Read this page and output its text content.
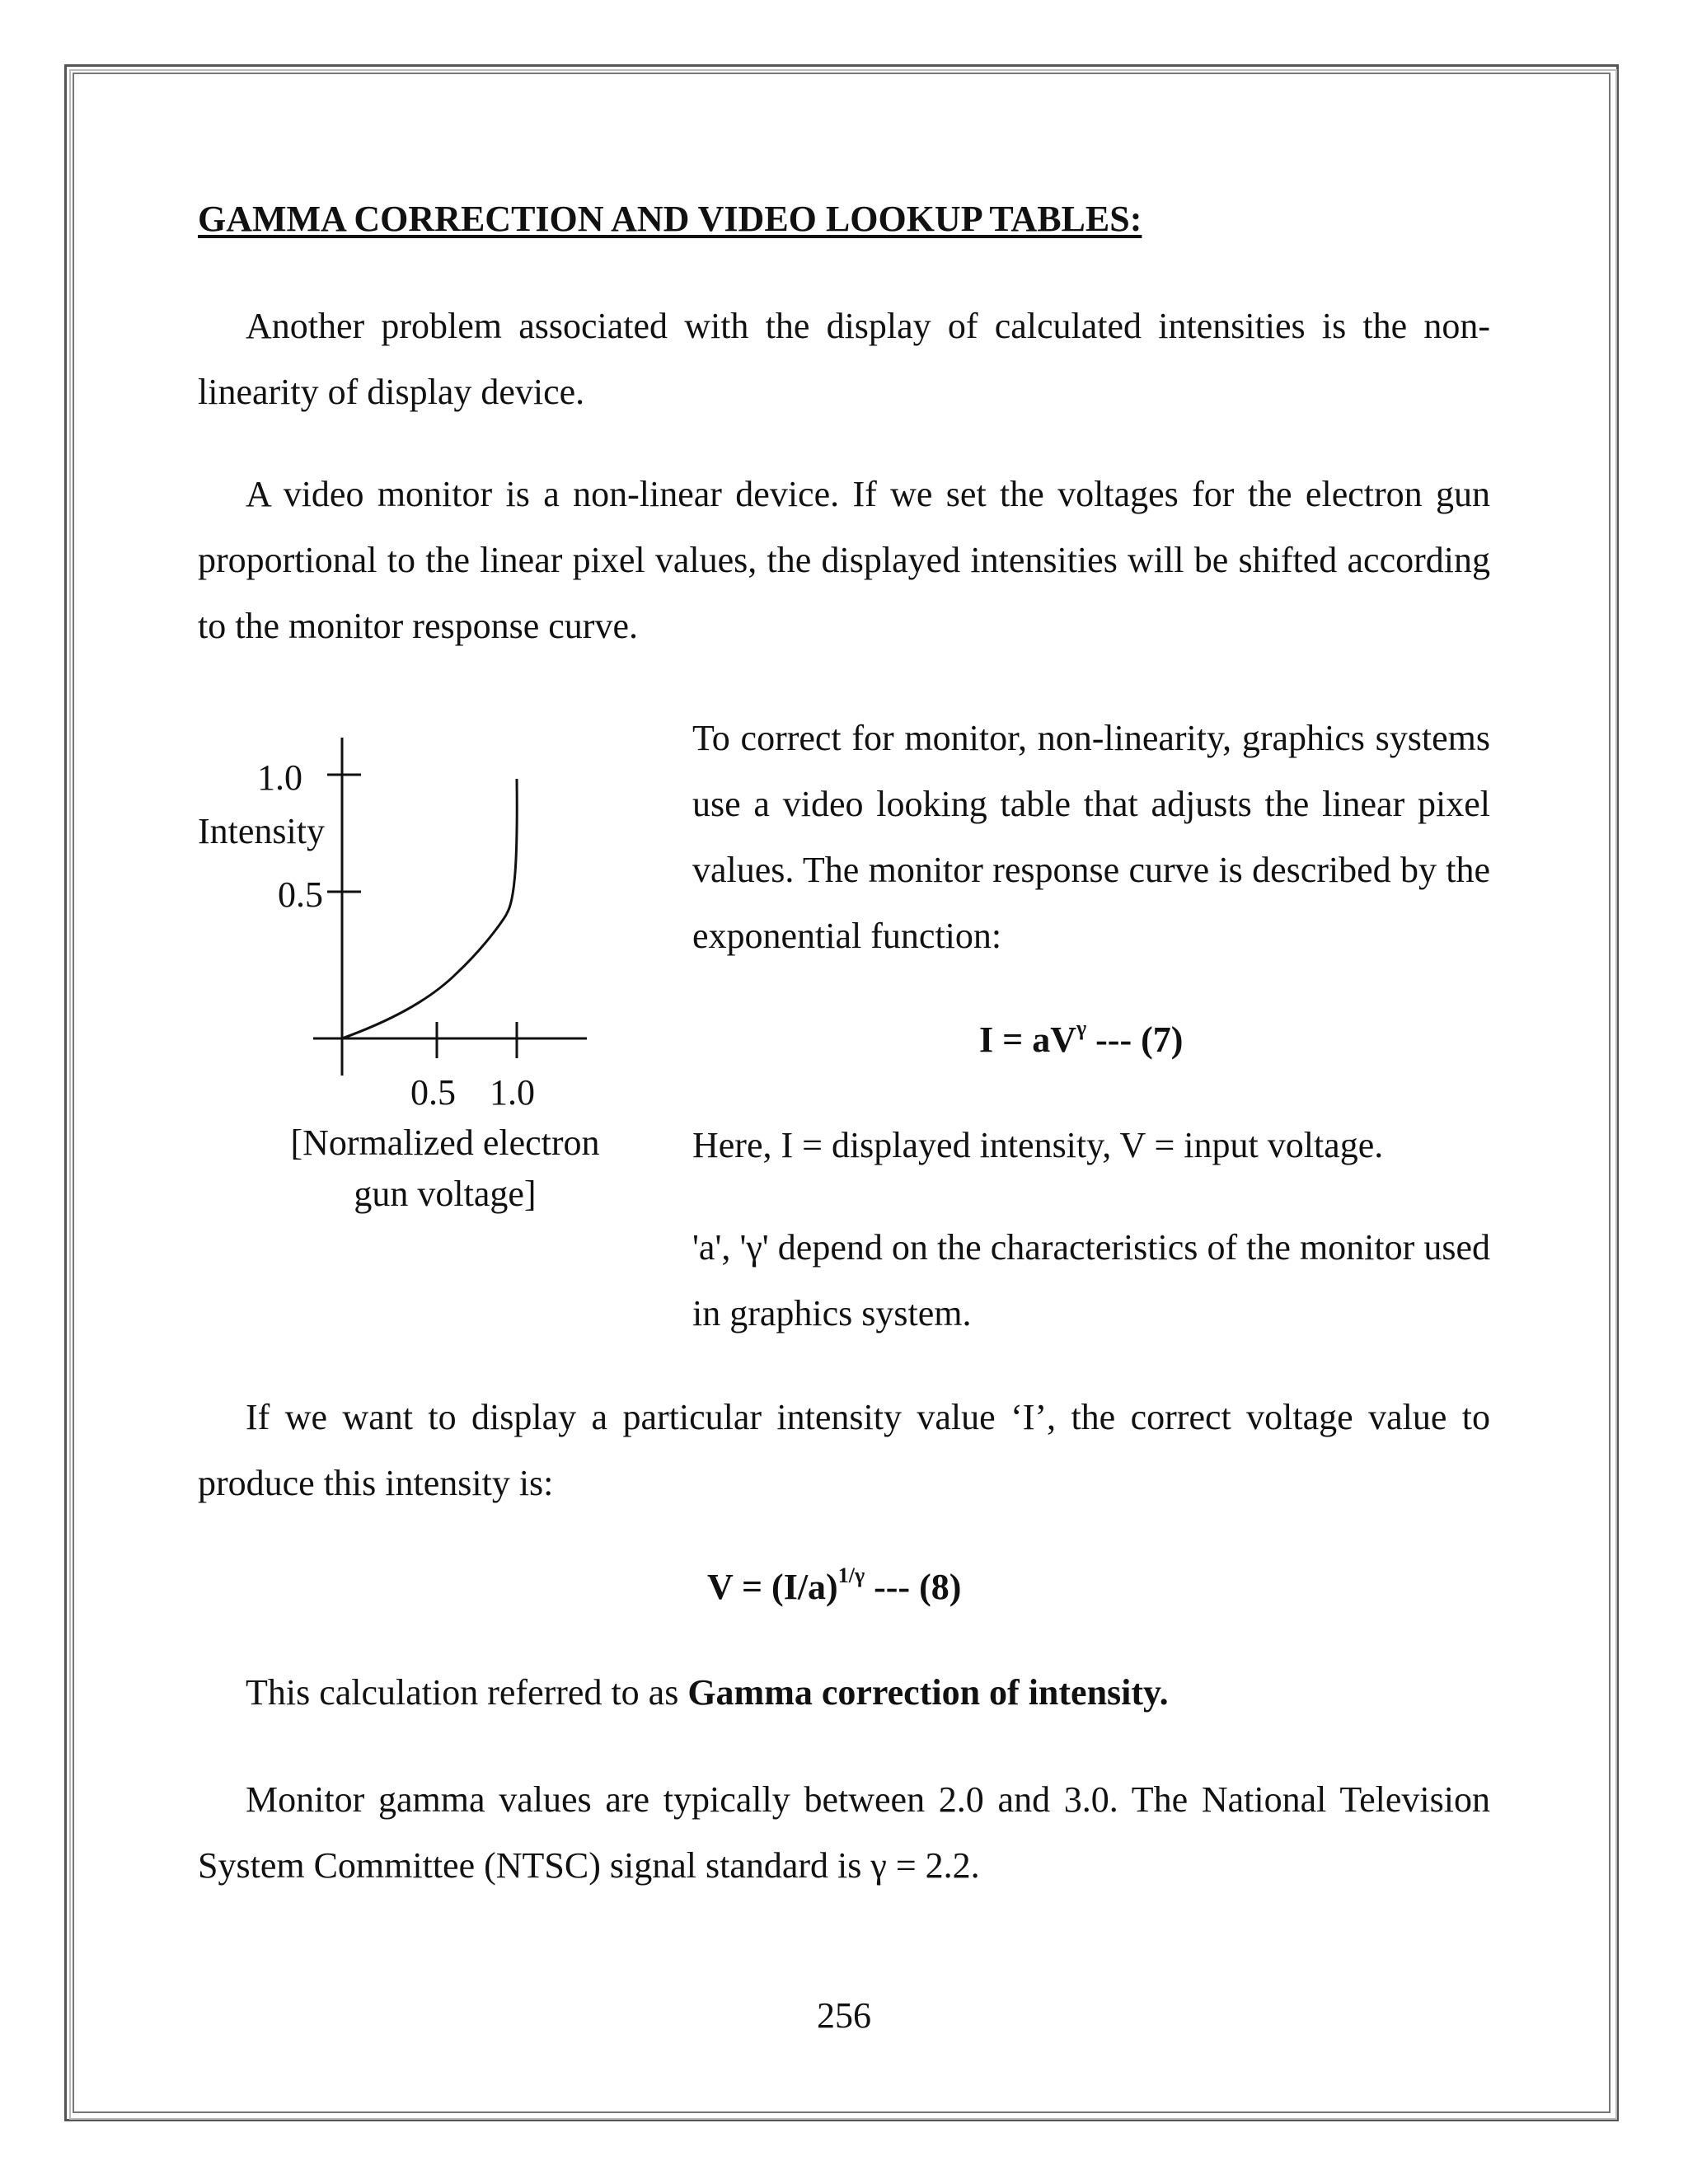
GAMMA CORRECTION AND VIDEO LOOKUP TABLES:

Another problem associated with the display of calculated intensities is the non-linearity of display device.

A video monitor is a non-linear device. If we set the voltages for the electron gun proportional to the linear pixel values, the displayed intensities will be shifted according to the monitor response curve.

1.0
Intensity
0.5
0.5 1.0
[Normalized electron
gun voltage]

To correct for monitor, non-linearity, graphics systems use a video looking table that adjusts the linear pixel values. The monitor response curve is described by the exponential function:

$I = aV^\gamma$ --- (7)

Here, I = displayed intensity, V = input voltage.

'a', 'γ' depend on the characteristics of the monitor used in graphics system.

If we want to display a particular intensity value ‘I’, the correct voltage value to produce this intensity is:

$V = (I/a)^{1/\gamma}$ --- (8)

This calculation referred to as Gamma correction of intensity.

Monitor gamma values are typically between 2.0 and 3.0. The National Television System Committee (NTSC) signal standard is γ = 2.2.

256
